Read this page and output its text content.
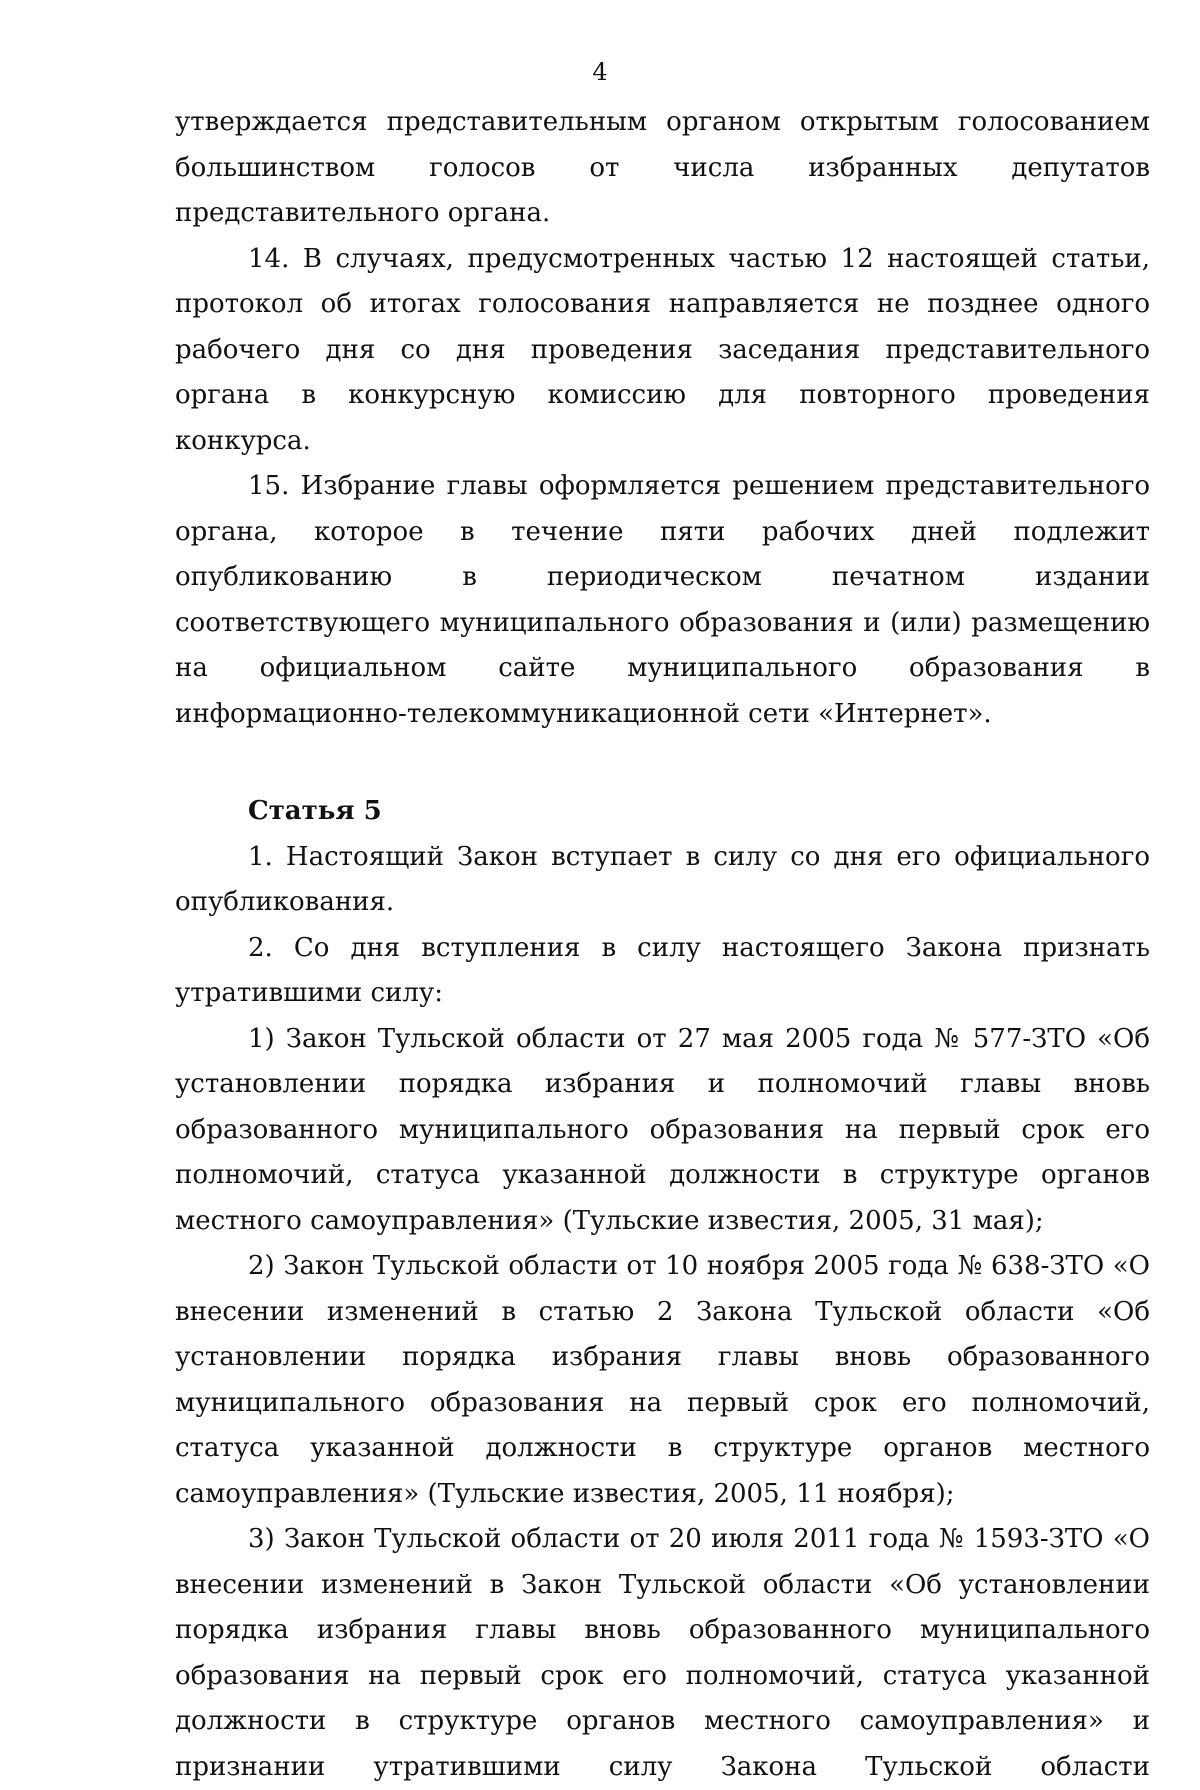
4

утверждается представительным органом открытым голосованием большинством голосов от числа избранных депутатов представительного органа.

14. В случаях, предусмотренных частью 12 настоящей статьи, протокол об итогах голосования направляется не позднее одного рабочего дня со дня проведения заседания представительного органа в конкурсную комиссию для повторного проведения конкурса.

15. Избрание главы оформляется решением представительного органа, которое в течение пяти рабочих дней подлежит опубликованию в периодическом печатном издании соответствующего муниципального образования и (или) размещению на официальном сайте муниципального образования в информационно-телекоммуникационной сети «Интернет».

Статья 5

1. Настоящий Закон вступает в силу со дня его официального опубликования.

2. Со дня вступления в силу настоящего Закона признать утратившими силу:

1) Закон Тульской области от 27 мая 2005 года № 577-ЗТО «Об установлении порядка избрания и полномочий главы вновь образованного муниципального образования на первый срок его полномочий, статуса указанной должности в структуре органов местного самоуправления» (Тульские известия, 2005, 31 мая);

2) Закон Тульской области от 10 ноября 2005 года № 638-ЗТО «О внесении изменений в статью 2 Закона Тульской области «Об установлении порядка избрания главы вновь образованного муниципального образования на первый срок его полномочий, статуса указанной должности в структуре органов местного самоуправления» (Тульские известия, 2005, 11 ноября);

3) Закон Тульской области от 20 июля 2011 года № 1593-ЗТО «О внесении изменений в Закон Тульской области «Об установлении порядка избрания главы вновь образованного муниципального образования на первый срок его полномочий, статуса указанной должности в структуре органов местного самоуправления» и признании утратившими силу Закона Тульской области
